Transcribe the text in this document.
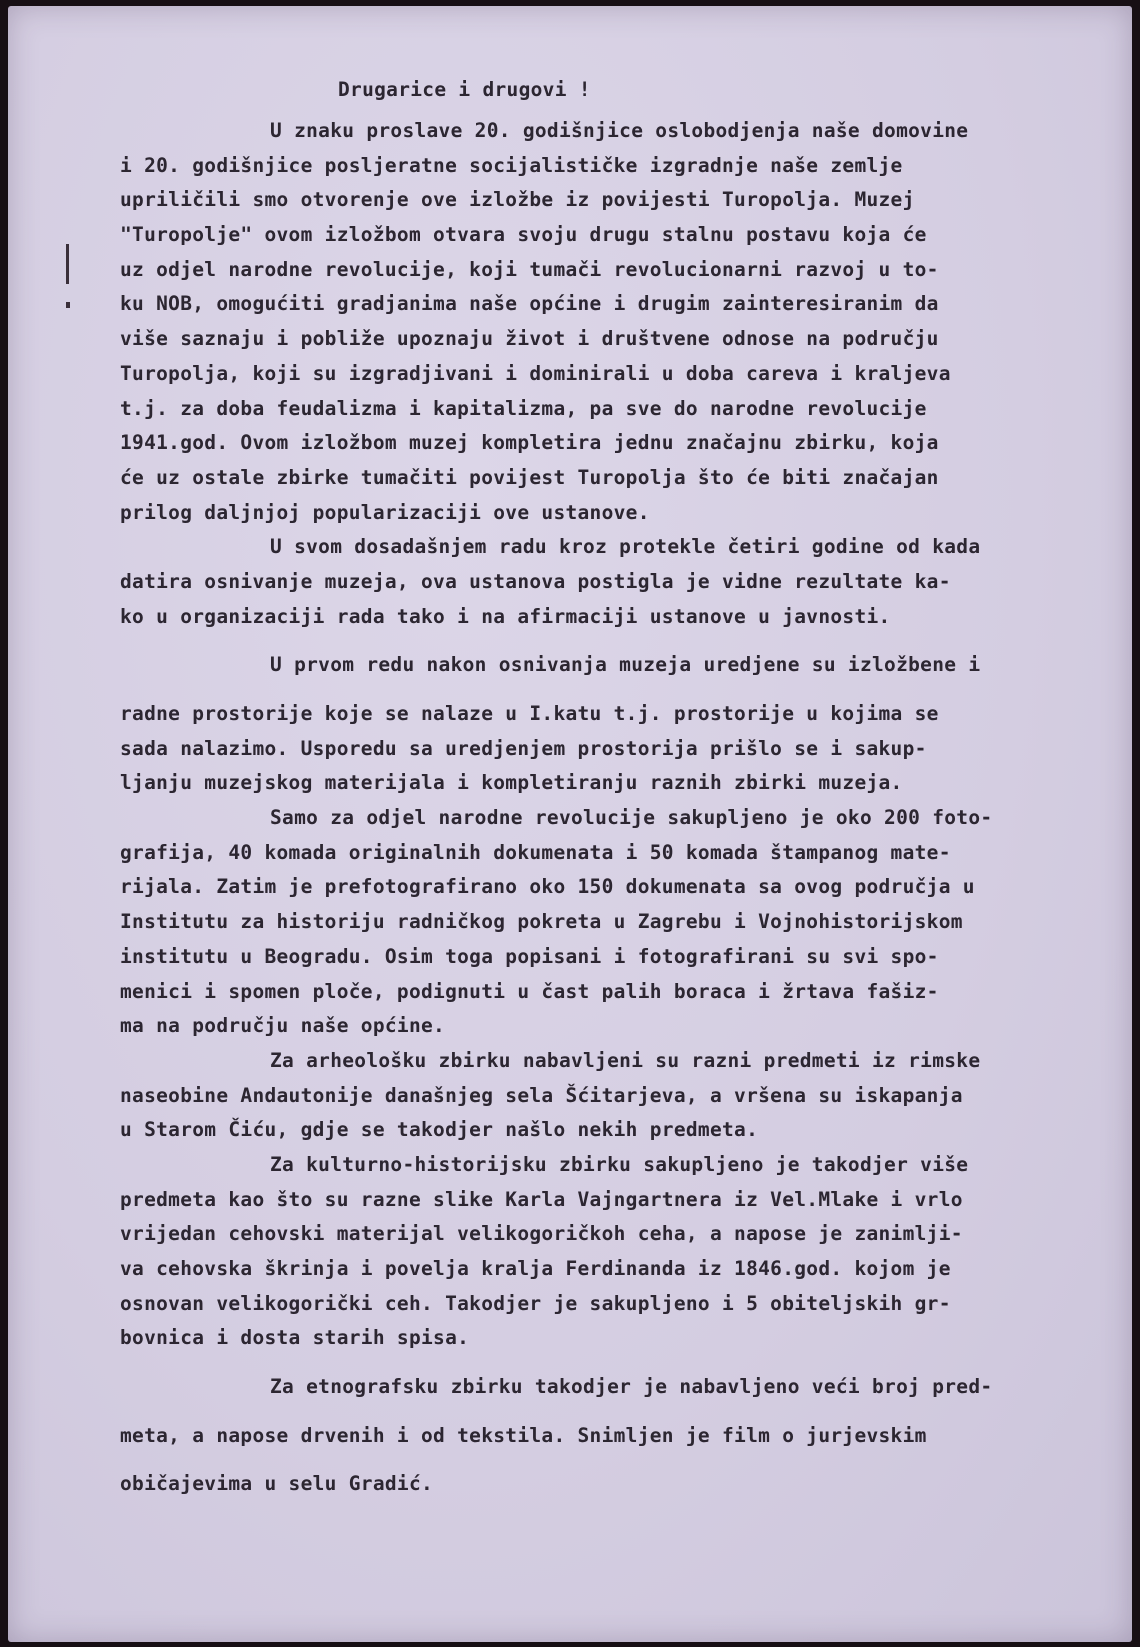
Drugarice i drugovi !

U znaku proslave 20. godišnjice oslobodjenja naše domovine

i 20. godišnjice posljeratne socijalističke izgradnje naše zemlje

upriličili smo otvorenje ove izložbe iz povijesti Turopolja. Muzej

"Turopolje" ovom izložbom otvara svoju drugu stalnu postavu koja će

uz odjel narodne revolucije, koji tumači revolucionarni razvoj u to-

ku NOB, omogućiti gradjanima naše općine i drugim zainteresiranim da

više saznaju i pobliže upoznaju život i društvene odnose na području

Turopolja, koji su izgradjivani i dominirali u doba careva i kraljeva

t.j. za doba feudalizma i kapitalizma, pa sve do narodne revolucije

1941.god. Ovom izložbom muzej kompletira jednu značajnu zbirku, koja

će uz ostale zbirke tumačiti povijest Turopolja što će biti značajan

prilog daljnjoj popularizaciji ove ustanove.

U svom dosadašnjem radu kroz protekle četiri godine od kada

datira osnivanje muzeja, ova ustanova postigla je vidne rezultate ka-

ko u organizaciji rada tako i na afirmaciji ustanove u javnosti.

U prvom redu nakon osnivanja muzeja uredjene su izložbene i

radne prostorije koje se nalaze u I.katu t.j. prostorije u kojima se

sada nalazimo. Usporedu sa uredjenjem prostorija prišlo se i sakup-

ljanju muzejskog materijala i kompletiranju raznih zbirki muzeja.

Samo za odjel narodne revolucije sakupljeno je oko 200 foto-

grafija, 40 komada originalnih dokumenata i 50 komada štampanog mate-

rijala. Zatim je prefotografirano oko 150 dokumenata sa ovog područja u

Institutu za historiju radničkog pokreta u Zagrebu i Vojnohistorijskom

institutu u Beogradu. Osim toga popisani i fotografirani su svi spo-

menici i spomen ploče, podignuti u čast palih boraca i žrtava fašiz-

ma na području naše općine.

Za arheološku zbirku nabavljeni su razni predmeti iz rimske

naseobine Andautonije današnjeg sela Šćitarjeva, a vršena su iskapanja

u Starom Čiću, gdje se takodjer našlo nekih predmeta.

Za kulturno-historijsku zbirku sakupljeno je takodjer više

predmeta kao što su razne slike Karla Vajngartnera iz Vel.Mlake i vrlo

vrijedan cehovski materijal velikogoričkoh ceha, a napose je zanimlji-

va cehovska škrinja i povelja kralja Ferdinanda iz 1846.god. kojom je

osnovan velikogorički ceh. Takodjer je sakupljeno i 5 obiteljskih gr-

bovnica i dosta starih spisa.

Za etnografsku zbirku takodjer je nabavljeno veći broj pred-

meta, a napose drvenih i od tekstila. Snimljen je film o jurjevskim

običajevima u selu Gradić.
